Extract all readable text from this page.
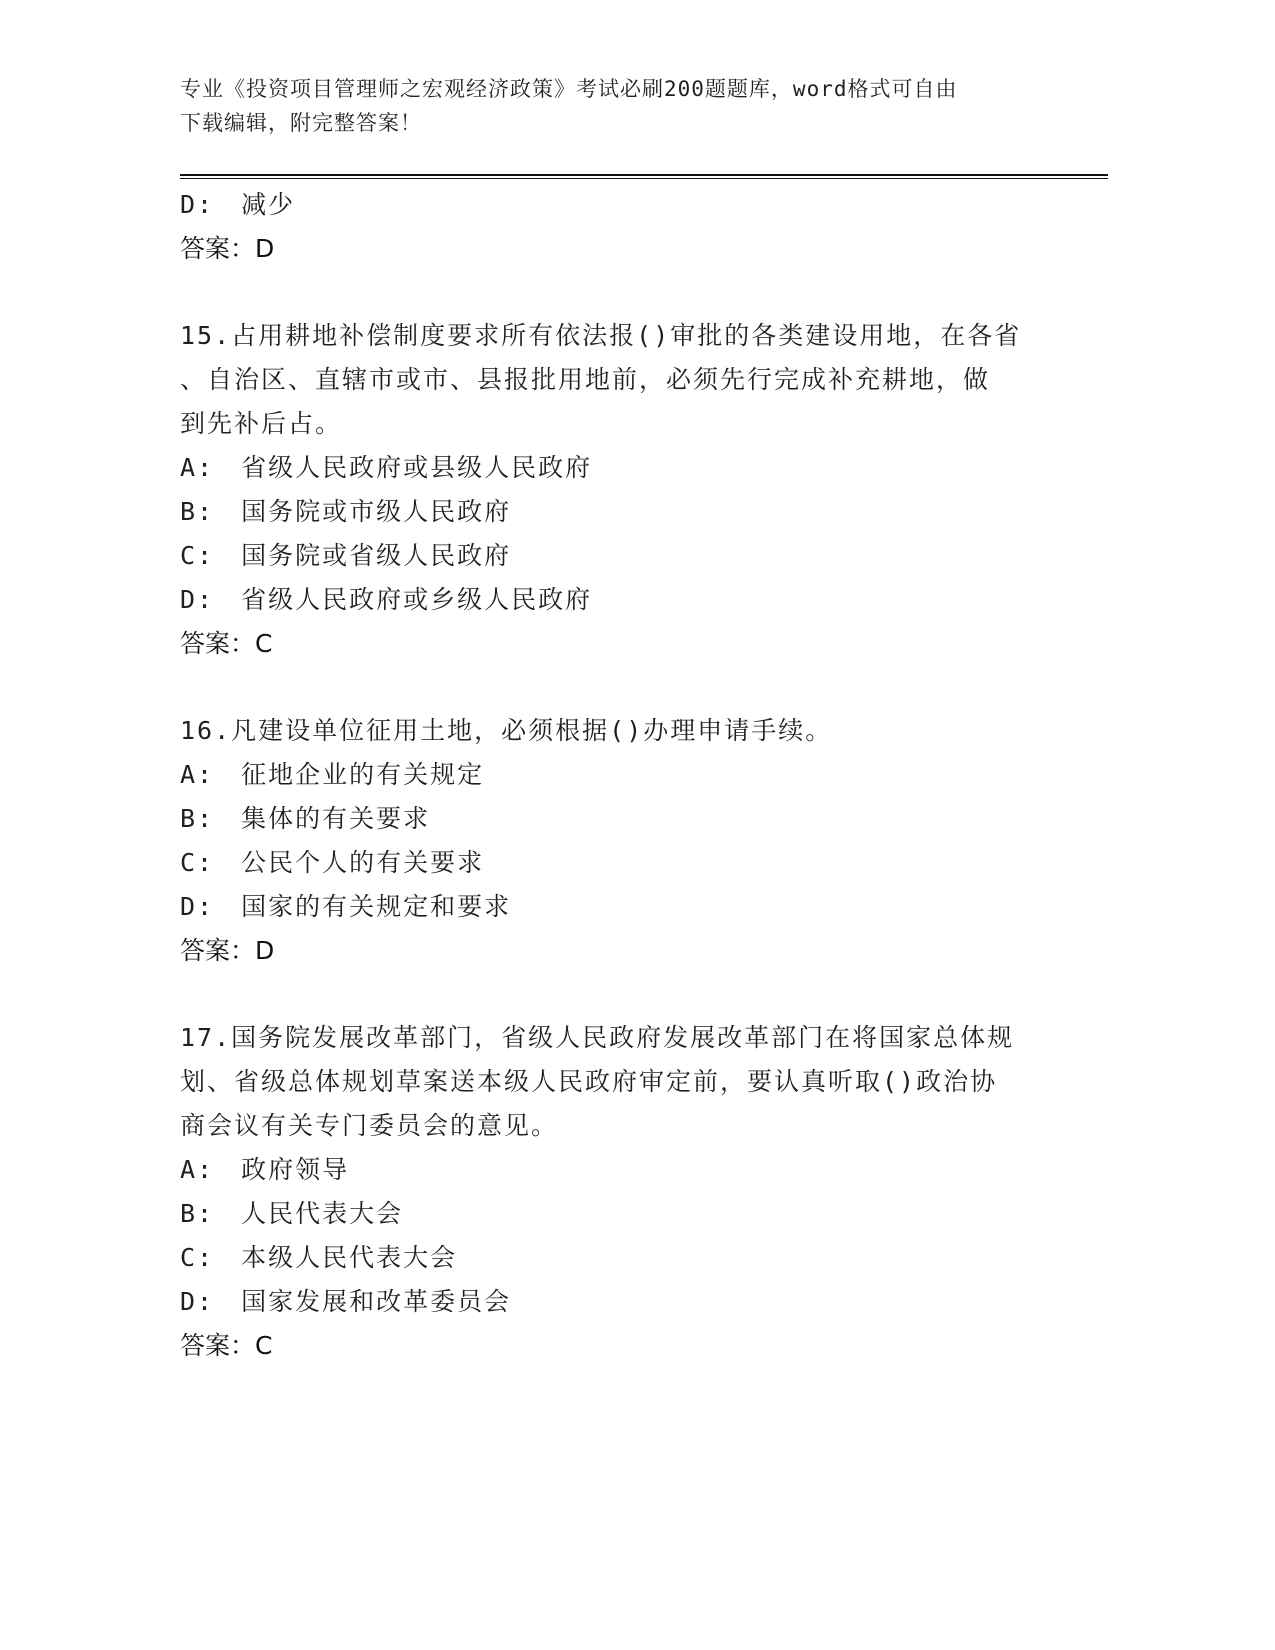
专业《投资项目管理师之宏观经济政策》考试必刷200题题库，word格式可自由
下载编辑，附完整答案！
D:　减少
答案：D
15.占用耕地补偿制度要求所有依法报()审批的各类建设用地，在各省
、自治区、直辖市或市、县报批用地前，必须先行完成补充耕地，做
到先补后占。
A:　省级人民政府或县级人民政府
B:　国务院或市级人民政府
C:　国务院或省级人民政府
D:　省级人民政府或乡级人民政府
答案：C
16.凡建设单位征用土地，必须根据()办理申请手续。
A:　征地企业的有关规定
B:　集体的有关要求
C:　公民个人的有关要求
D:　国家的有关规定和要求
答案：D
17.国务院发展改革部门，省级人民政府发展改革部门在将国家总体规
划、省级总体规划草案送本级人民政府审定前，要认真听取()政治协
商会议有关专门委员会的意见。
A:　政府领导
B:　人民代表大会
C:　本级人民代表大会
D:　国家发展和改革委员会
答案：C
